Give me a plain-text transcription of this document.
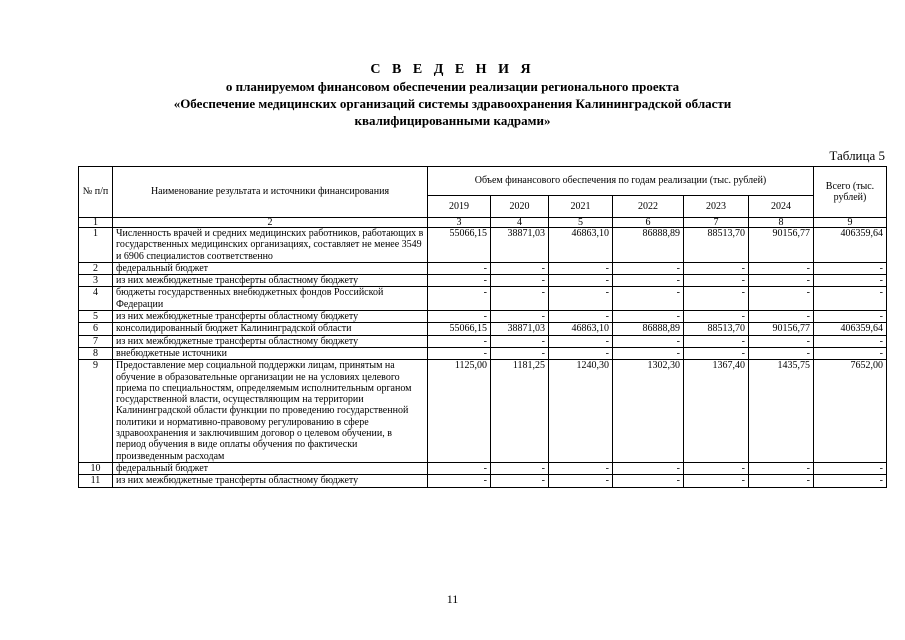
С В Е Д Е Н И Я
о планируемом финансовом обеспечении реализации регионального проекта
«Обеспечение медицинских организаций системы здравоохранения Калининградской области
квалифицированными кадрами»
Таблица 5
№ п/п	Наименование результата и источники финансирования	Объем финансового обеспечения по годам реализации (тыс. рублей)						Всего (тыс. рублей)
		2019	2020	2021	2022	2023	2024	
1	2	3	4	5	6	7	8	9
1	Численность врачей и средних медицинских работников, работающих в государственных медицинских организациях, составляет не менее 3549 и 6906 специалистов соответственно	55066,15	38871,03	46863,10	86888,89	88513,70	90156,77	406359,64
2	федеральный бюджет	-	-	-	-	-	-	-
3	из них межбюджетные трансферты областному бюджету	-	-	-	-	-	-	-
4	бюджеты государственных внебюджетных фондов Российской Федерации	-	-	-	-	-	-	-
5	из них межбюджетные трансферты областному бюджету	-	-	-	-	-	-	-
6	консолидированный бюджет Калининградской области	55066,15	38871,03	46863,10	86888,89	88513,70	90156,77	406359,64
7	из них межбюджетные трансферты областному бюджету	-	-	-	-	-	-	-
8	внебюджетные источники	-	-	-	-	-	-	-
9	Предоставление мер социальной поддержки лицам, принятым на обучение в образовательные организации не на условиях целевого приема по специальностям, определяемым исполнительным органом государственной власти, осуществляющим на территории Калининградской области функции по проведению государственной политики и нормативно-правовому регулированию в сфере здравоохранения и заключившим договор о целевом обучении, в период обучения в виде оплаты обучения по фактически произведенным расходам	1125,00	1181,25	1240,30	1302,30	1367,40	1435,75	7652,00
10	федеральный бюджет	-	-	-	-	-	-	-
11	из них межбюджетные трансферты областному бюджету	-	-	-	-	-	-	-
11
